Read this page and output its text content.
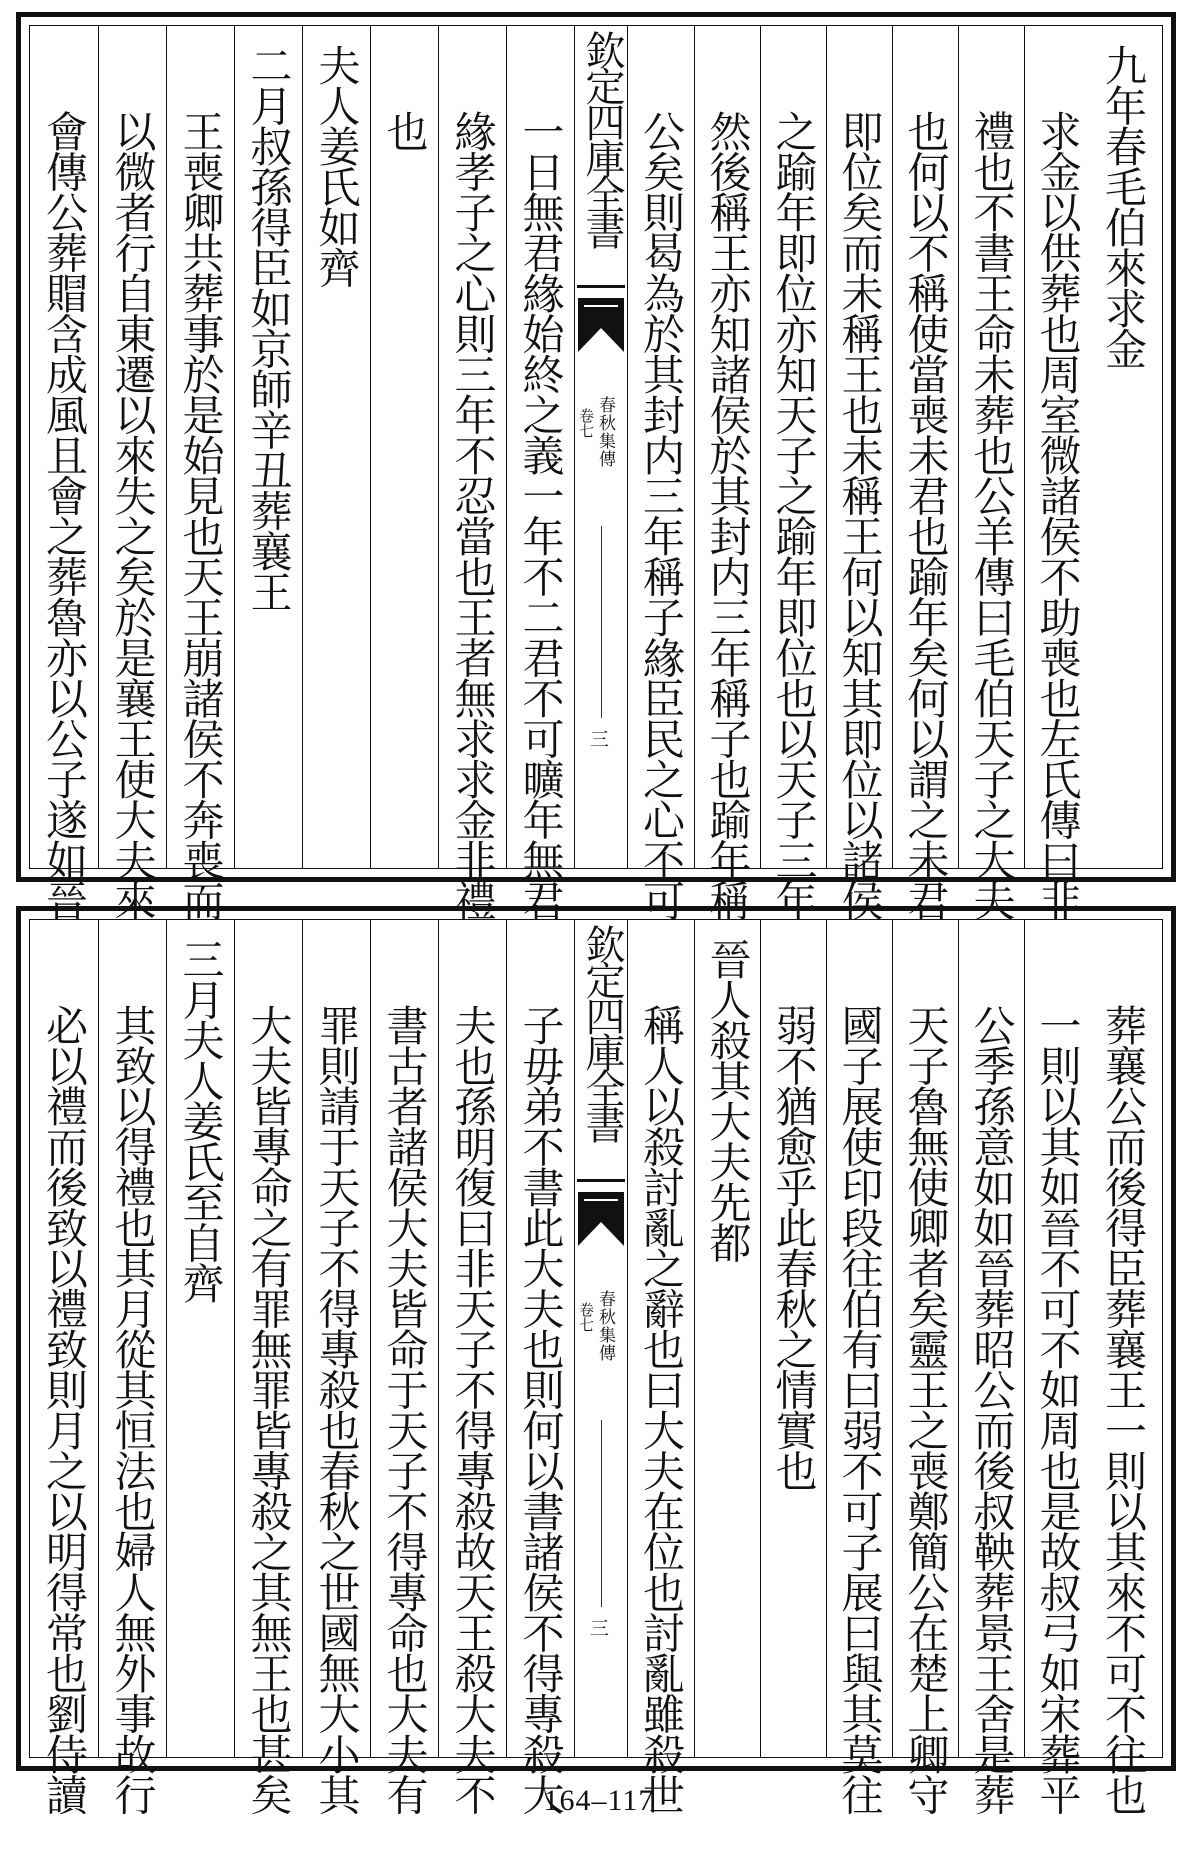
九年春毛伯來求金
求金以供葬也周室微諸侯不助喪也左氏傳曰非
禮也不書王命未葬也公羊傳曰毛伯天子之大夫
也何以不稱使當喪未君也踰年矣何以謂之未君
即位矣而未稱王也未稱王何以知其即位以諸侯
之踰年即位亦知天子之踰年即位也以天子三年
然後稱王亦知諸侯於其封内三年稱子也踰年稱
公矣則曷為於其封内三年稱子緣臣民之心不可
欽定四庫全書
春秋集傳
卷七
三
一日無君緣始終之義一年不二君不可曠年無君
緣孝子之心則三年不忍當也王者無求求金非禮
也
夫人姜氏如齊
二月叔孫得臣如京師辛丑葬襄王
王喪卿共葬事於是始見也天王崩諸侯不奔喪而
以微者行自東遷以來失之矣於是襄王使大夫來
會傳公葬賵含成風且會之葬魯亦以公子遂如晉
葬襄公而後得臣葬襄王一則以其來不可不往也
一則以其如晉不可不如周也是故叔弓如宋葬平
公季孫意如如晉葬昭公而後叔鞅葬景王舍是葬
天子魯無使卿者矣靈王之喪鄭簡公在楚上卿守
國子展使印段往伯有曰弱不可子展曰與其莫往
弱不猶愈乎此春秋之情實也
晉人殺其大夫先都
稱人以殺討亂之辭也曰大夫在位也討亂雖殺世
欽定四庫全書
春秋集傳
卷七
三
子毋弟不書此大夫也則何以書諸侯不得專殺大
夫也孫明復曰非天子不得專殺故天王殺大夫不
書古者諸侯大夫皆命于天子不得專命也大夫有
罪則請于天子不得專殺也春秋之世國無大小其
大夫皆專命之有罪無罪皆專殺之其無王也甚矣
三月夫人姜氏至自齊
其致以得禮也其月從其恒法也婦人無外事故行
必以禮而後致以禮致則月之以明得常也劉侍讀	164–117
